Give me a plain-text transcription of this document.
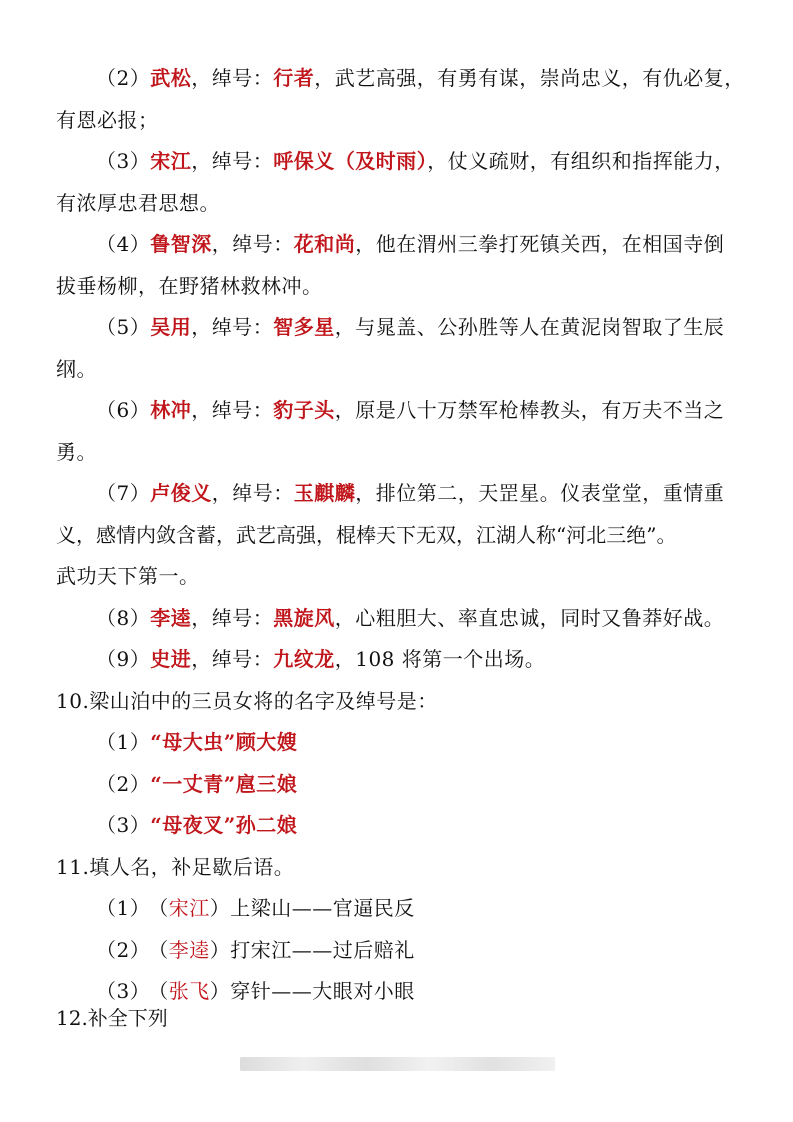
（2）武松，绰号：行者，武艺高强，有勇有谋，崇尚忠义，有仇必复，
有恩必报；
（3）宋江，绰号：呼保义（及时雨），仗义疏财，有组织和指挥能力，
有浓厚忠君思想。
（4）鲁智深，绰号：花和尚，他在渭州三拳打死镇关西，在相国寺倒
拔垂杨柳，在野猪林救林冲。
（5）吴用，绰号：智多星，与晁盖、公孙胜等人在黄泥岗智取了生辰
纲。
（6）林冲，绰号：豹子头，原是八十万禁军枪棒教头，有万夫不当之
勇。
（7）卢俊义，绰号：玉麒麟，排位第二，天罡星。仪表堂堂，重情重
义，感情内敛含蓄，武艺高强，棍棒天下无双，江湖人称“河北三绝”。
武功天下第一。
（8）李逵，绰号：黑旋风，心粗胆大、率直忠诚，同时又鲁莽好战。
（9）史进，绰号：九纹龙，108 将第一个出场。
10.梁山泊中的三员女将的名字及绰号是：
（1）“母大虫”顾大嫂
（2）“一丈青”扈三娘
（3）“母夜叉”孙二娘
11.填人名，补足歇后语。
（1） （宋江）上梁山——官逼民反
（2） （李逵）打宋江——过后赔礼
（3） （张飞）穿针——大眼对小眼
12.补全下列
